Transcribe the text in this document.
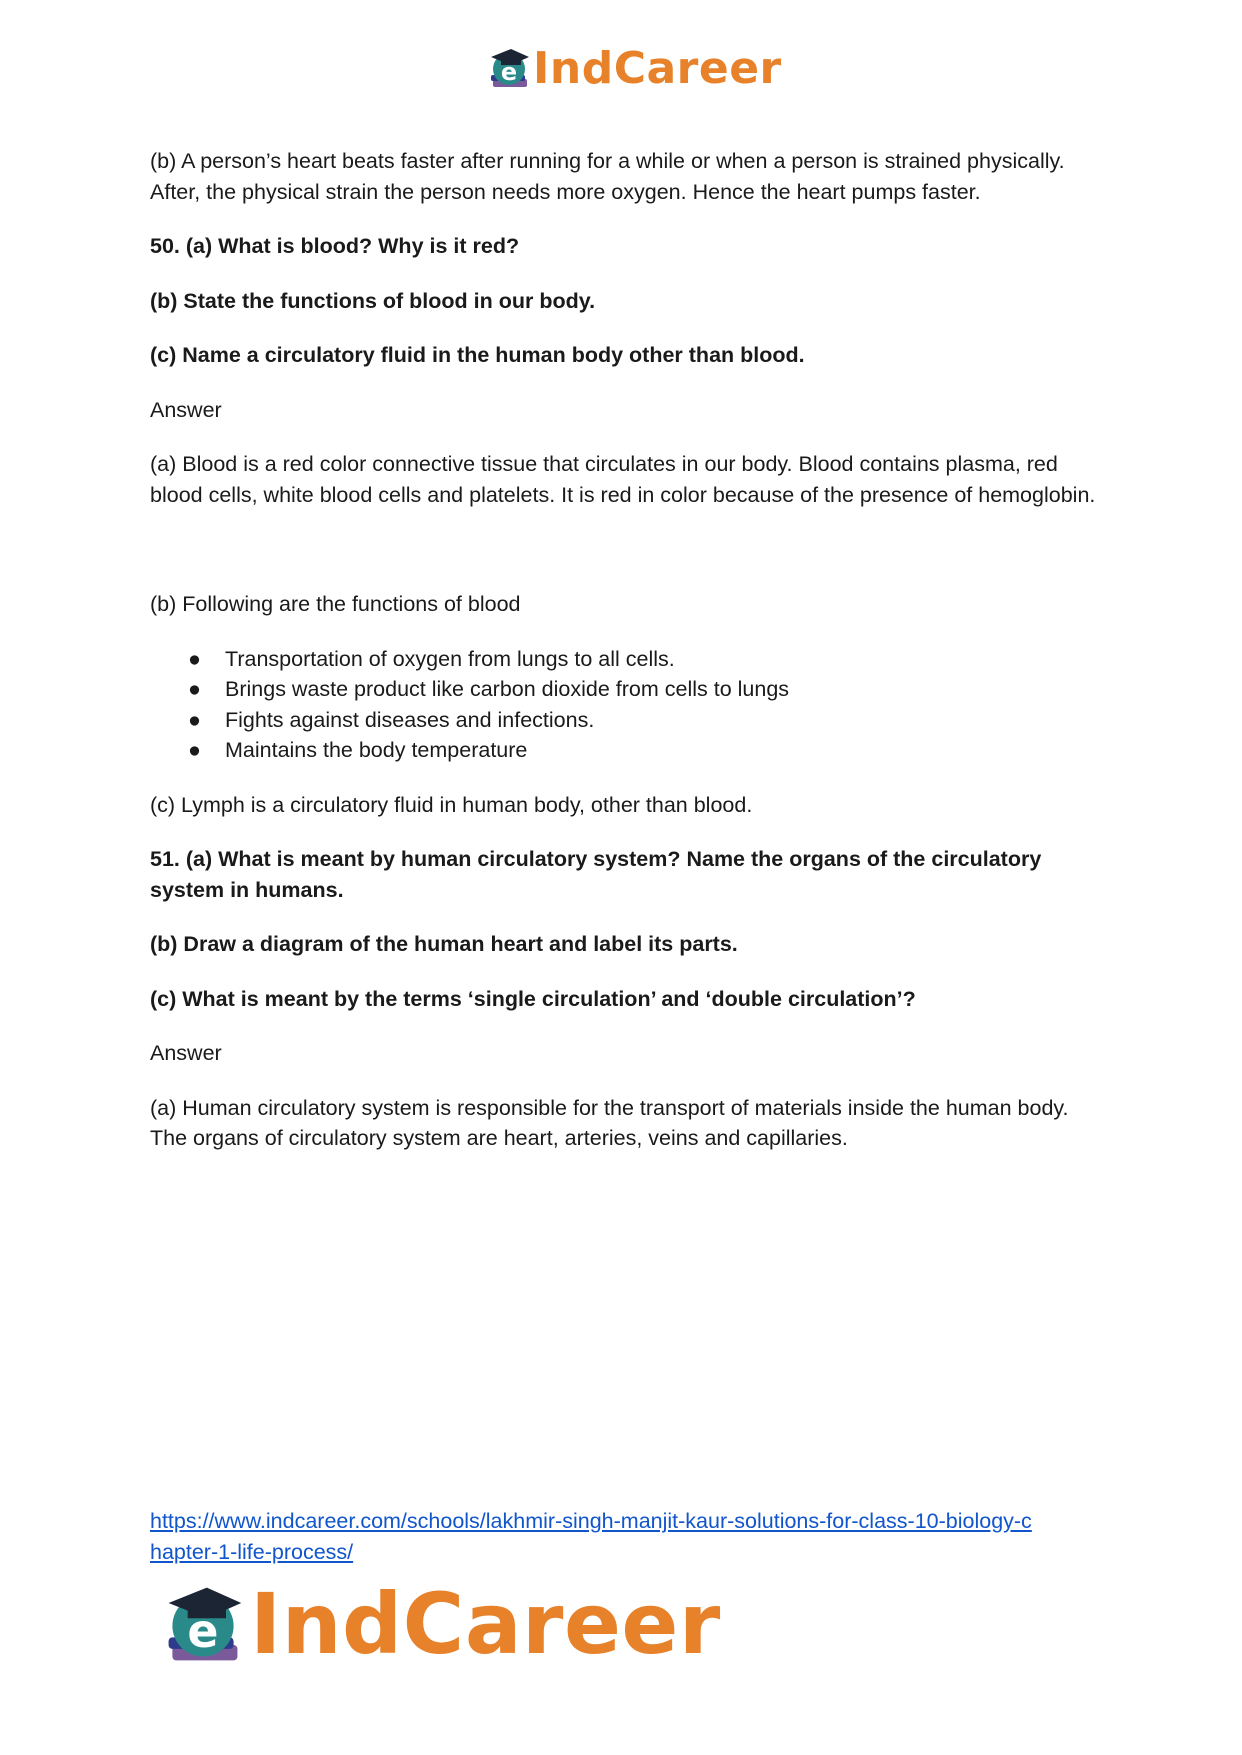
e IndCareer

(b) A person’s heart beats faster after running for a while or when a person is strained physically. After, the physical strain the person needs more oxygen. Hence the heart pumps faster.

50. (a) What is blood? Why is it red?

(b) State the functions of blood in our body.

(c) Name a circulatory fluid in the human body other than blood.

Answer

(a) Blood is a red color connective tissue that circulates in our body. Blood contains plasma, red blood cells, white blood cells and platelets. It is red in color because of the presence of hemoglobin.

(b) Following are the functions of blood

● Transportation of oxygen from lungs to all cells.
● Brings waste product like carbon dioxide from cells to lungs
● Fights against diseases and infections.
● Maintains the body temperature

(c) Lymph is a circulatory fluid in human body, other than blood.

51. (a) What is meant by human circulatory system? Name the organs of the circulatory system in humans.

(b) Draw a diagram of the human heart and label its parts.

(c) What is meant by the terms ‘single circulation’ and ‘double circulation’?

Answer

(a) Human circulatory system is responsible for the transport of materials inside the human body. The organs of circulatory system are heart, arteries, veins and capillaries.

https://www.indcareer.com/schools/lakhmir-singh-manjit-kaur-solutions-for-class-10-biology-c
hapter-1-life-process/
e IndCareer
